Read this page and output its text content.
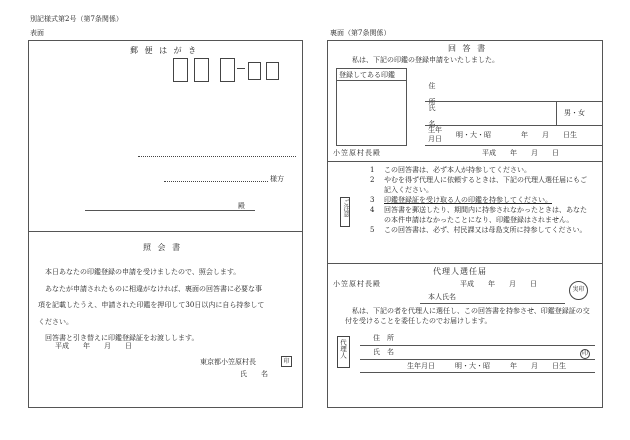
別記様式第2号（第7条関係）
表面	裏面（第7条関係）
郵 便 は が き
様方
殿
照 会 書
本日あなたの印鑑登録の申請を受けましたので、照会します。
あなたが申請されたものに相違がなければ、裏面の回答書に必要な事
項を記載したうえ、申請された印鑑を押印して30日以内に自ら持参して
ください。
回答書と引き替えに印鑑登録証をお渡しします。
平成　　年　　月　　日
東京都小笠原村長	印
氏　　名
回 答 書
私は、下記の印鑑の登録申請をいたしました。
登録してある印鑑
住　所
氏　名	男・女
生年月日 明・大・昭	年　　月　　日生
小笠原村長殿	平成　　年　　月　　日
ご注意
1	この回答書は、必ず本人が持参してください。
2	やむを得ず代理人に依頼するときは、下記の代理人選任届にもご記入ください。
3	印鑑登録証を受け取る人の印鑑を持参してください。
4	回答書を郵送したり、期間内に持参されなかったときは、あなたの本件申請はなかったことになり、印鑑登録はされません。
5	この回答書は、必ず、村民課又は母島支所に持参してください。
代理人選任届
小笠原村長殿	平成　　年　　月　　日
実印
本人氏名
私は、下記の者を代理人に選任し、この回答書を持参させ、印鑑登録証の交付を受けることを委任したのでお届けします。
代理人
住　所
氏　名	印
生年月日	明・大・昭	年　　月　　日生
